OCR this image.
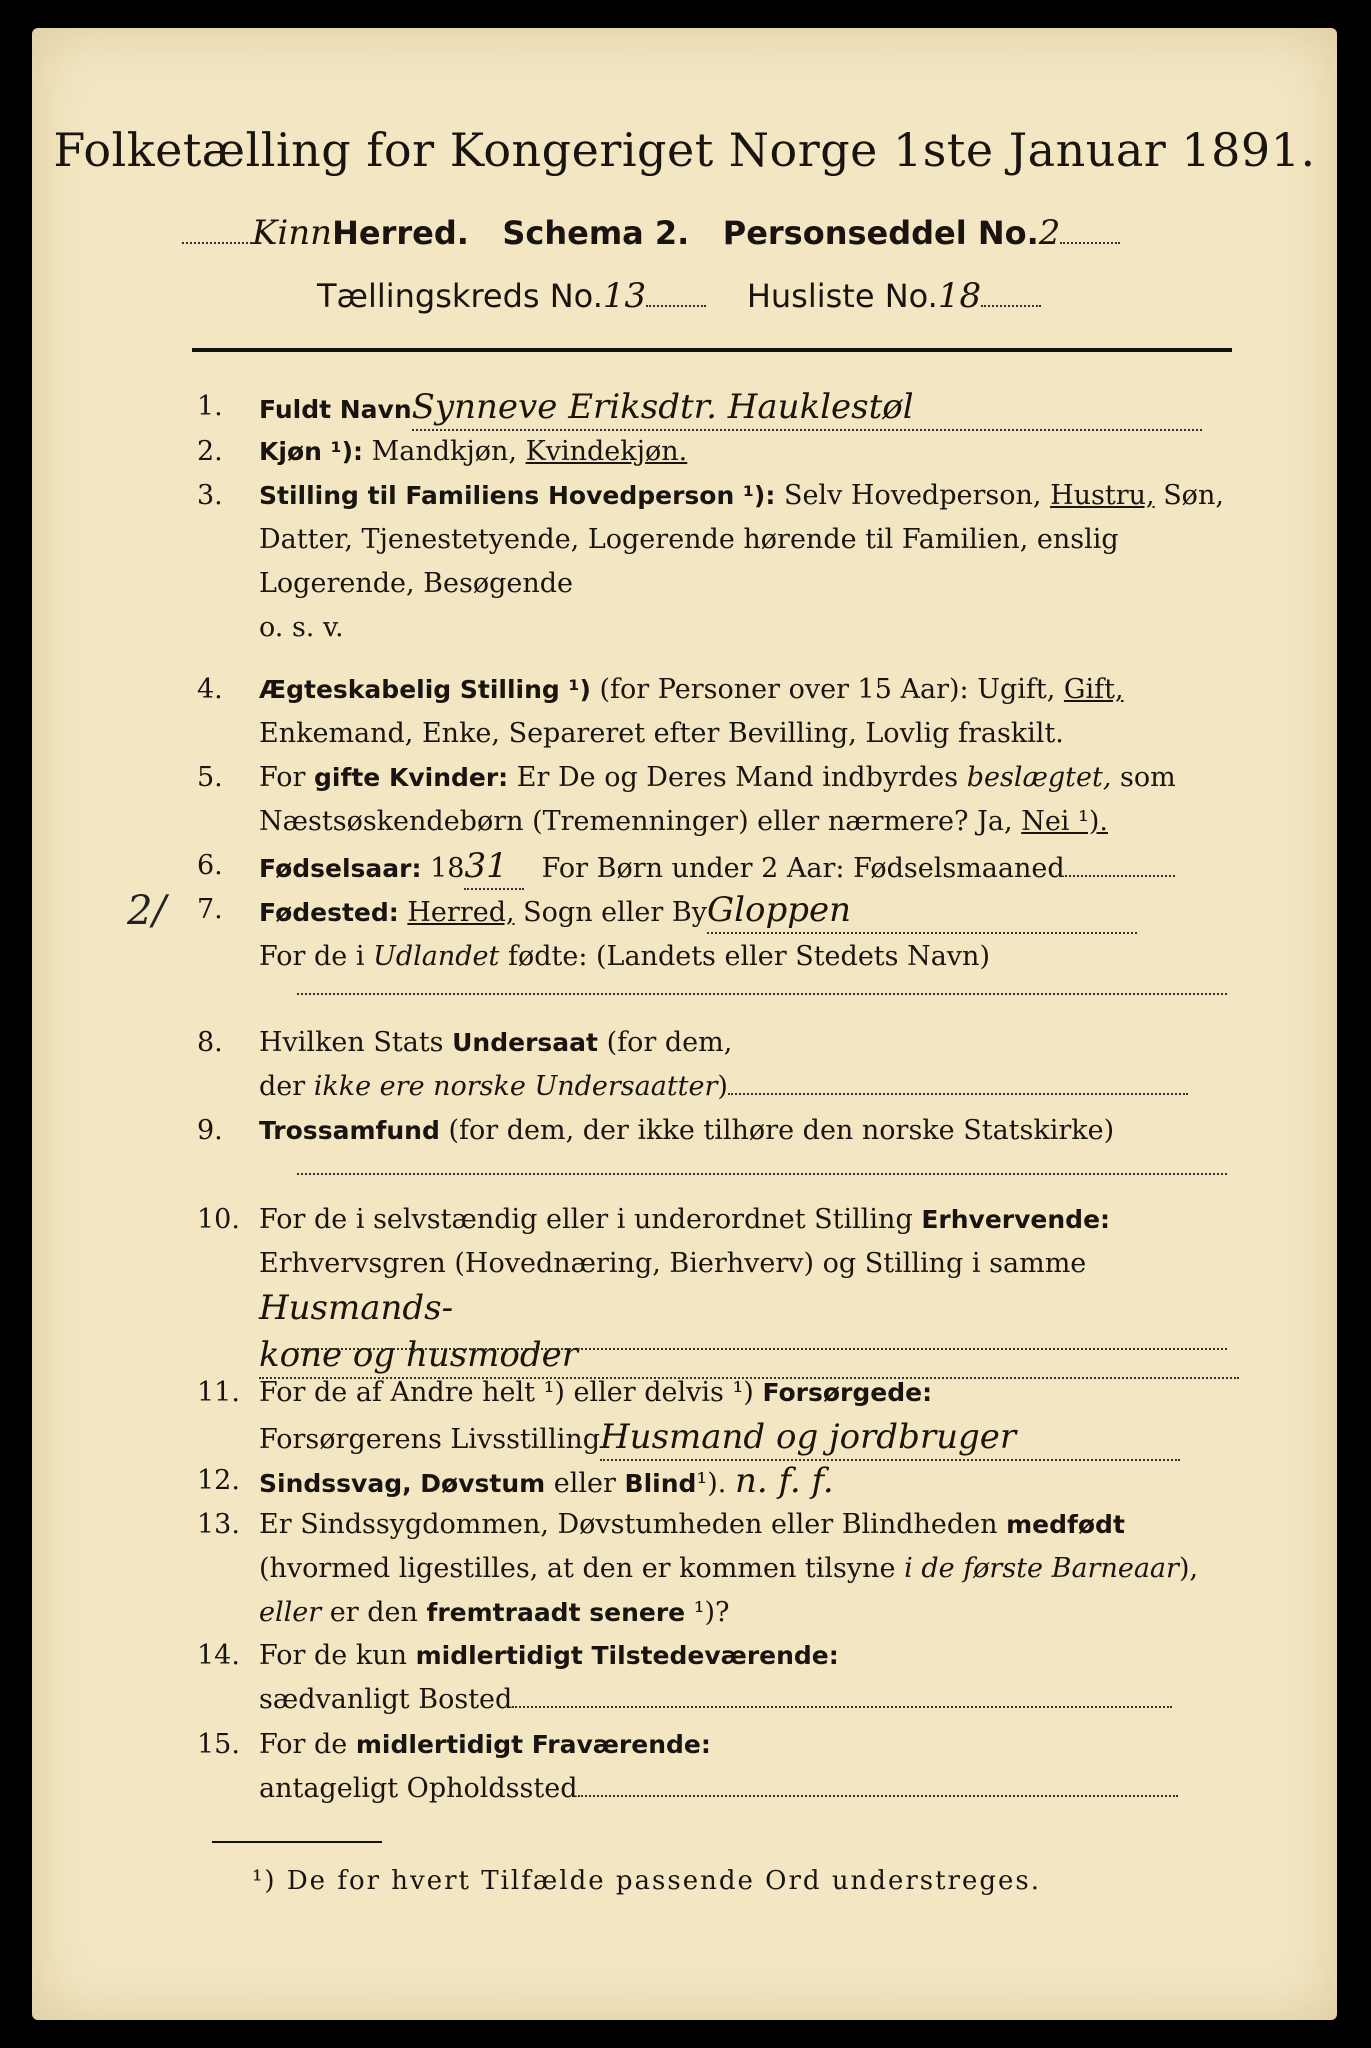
Folketælling for Kongeriget Norge 1ste Januar 1891.
KinnHerred. Schema 2. Personseddel No.2
Tællingskreds No.13	Husliste No.18
2/
1.	Fuldt NavnSynneve Eriksdtr. Hauklestøl
2.	Kjøn ¹): Mandkjøn, Kvindekjøn.
3.	Stilling til Familiens Hovedperson ¹): Selv Hovedperson, Hustru, Søn, Datter, Tjenestetyende, Logerende hørende til Familien, enslig Logerende, Besøgende
o. s. v.
4.	Ægteskabelig Stilling ¹) (for Personer over 15 Aar): Ugift, Gift, Enkemand, Enke, Separeret efter Bevilling, Lovlig fraskilt.
5.	For gifte Kvinder: Er De og Deres Mand indbyrdes beslægtet, som Næstsøskendebørn (Tremenninger) eller nærmere? Ja, Nei ¹).
6.	Fødselsaar: 1831 For Børn under 2 Aar: Fødselsmaaned
7.	Fødested: Herred, Sogn eller ByGloppen
For de i Udlandet fødte: (Landets eller Stedets Navn)
8.	Hvilken Stats Undersaat (for dem,
der ikke ere norske Undersaatter)
9.	Trossamfund (for dem, der ikke tilhøre den norske Statskirke)
10. For de i selvstændig eller i underordnet Stilling Erhvervende: Erhvervsgren (Hovednæring, Bierhverv) og Stilling i samme Husmands-
kone og husmoder
11. For de af Andre helt ¹) eller delvis ¹) Forsørgede:
Forsørgerens LivsstillingHusmand og jordbruger
12. Sindssvag, Døvstum eller Blind¹). n. f. f.
13. Er Sindssygdommen, Døvstumheden eller Blindheden medfødt (hvormed ligestilles, at den er kommen tilsyne i de første Barneaar),
eller er den fremtraadt senere ¹)?
14. For de kun midlertidigt Tilstedeværende:
sædvanligt Bosted
15. For de midlertidigt Fraværende:
antageligt Opholdssted
¹) De for hvert Tilfælde passende Ord understreges.
